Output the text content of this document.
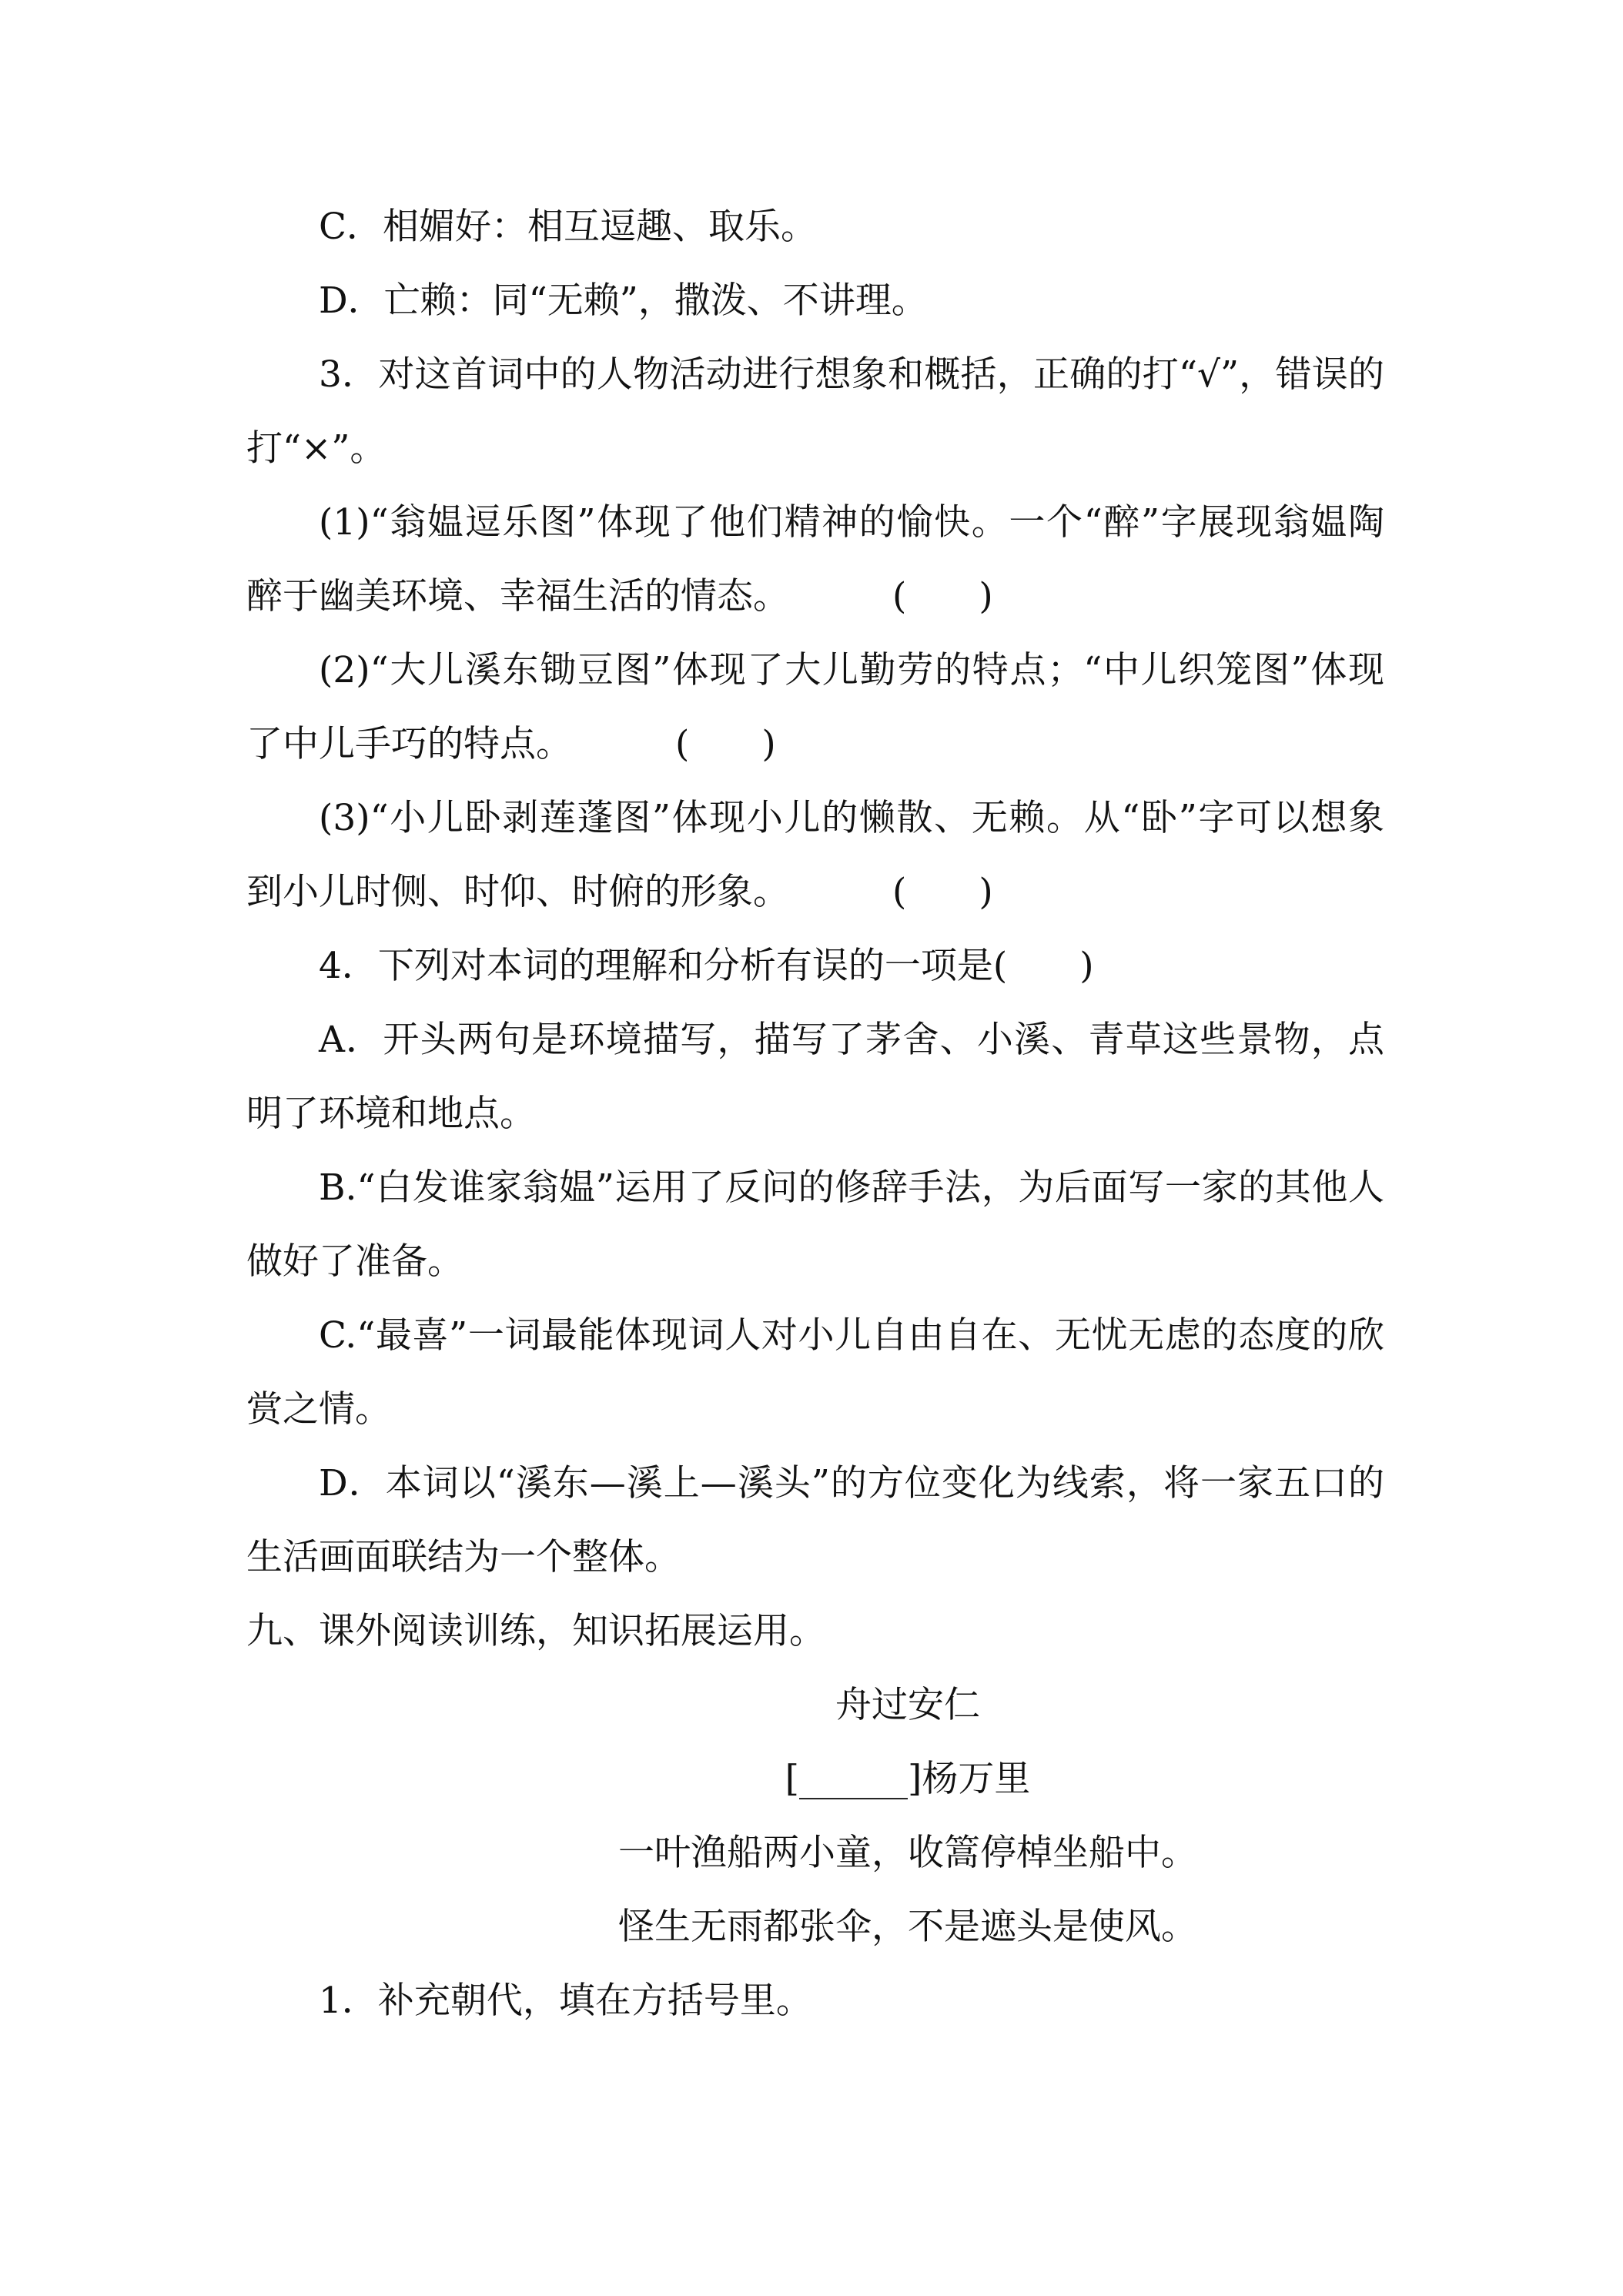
C．相媚好：相互逗趣、取乐。

D．亡赖：同“无赖”，撒泼、不讲理。

3．对这首词中的人物活动进行想象和概括，正确的打“√”，错误的打“×”。

(1)“翁媪逗乐图”体现了他们精神的愉快。一个“醉”字展现翁媪陶醉于幽美环境、幸福生活的情态。	(　　)

(2)“大儿溪东锄豆图”体现了大儿勤劳的特点；“中儿织笼图”体现了中儿手巧的特点。	(　　)

(3)“小儿卧剥莲蓬图”体现小儿的懒散、无赖。从“卧”字可以想象到小儿时侧、时仰、时俯的形象。	(　　)

4．下列对本词的理解和分析有误的一项是(　　)

A．开头两句是环境描写，描写了茅舍、小溪、青草这些景物，点明了环境和地点。

B.“白发谁家翁媪”运用了反问的修辞手法，为后面写一家的其他人做好了准备。

C.“最喜”一词最能体现词人对小儿自由自在、无忧无虑的态度的欣赏之情。

D．本词以“溪东—溪上—溪头”的方位变化为线索，将一家五口的生活画面联结为一个整体。

九、课外阅读训练，知识拓展运用。

舟过安仁

[______]杨万里

一叶渔船两小童，收篙停棹坐船中。

怪生无雨都张伞，不是遮头是使风。

1．补充朝代，填在方括号里。
